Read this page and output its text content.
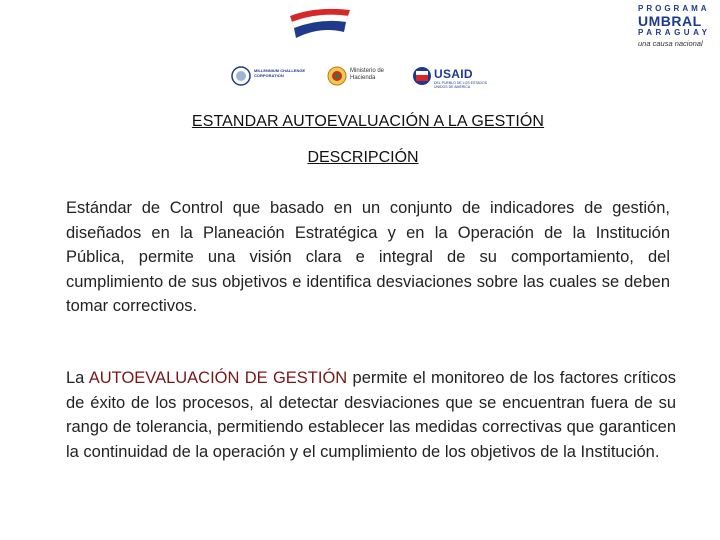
PROGRAMA
UMBRAL
PARAGUAY
una causa nacional
MILLENNIUM CHALLENGE CORPORATION
Ministerio de Hacienda	USAID
DEL PUEBLO DE LOS ESTADOS UNIDOS DE AMÉRICA
ESTANDAR AUTOEVALUACIÓN A LA GESTIÓN
DESCRIPCIÓN
Estándar de Control que basado en un conjunto de indicadores de gestión, diseñados en la Planeación Estratégica y en la Operación de la Institución Pública, permite una visión clara e integral de su comportamiento, del cumplimiento de sus objetivos e identifica desviaciones sobre las cuales se deben tomar correctivos.
La AUTOEVALUACIÓN DE GESTIÓN permite el monitoreo de los factores críticos de éxito de los procesos, al detectar desviaciones que se encuentran fuera de su rango de tolerancia, permitiendo establecer las medidas correctivas que garanticen la continuidad de la operación y el cumplimiento de los objetivos de la Institución.
